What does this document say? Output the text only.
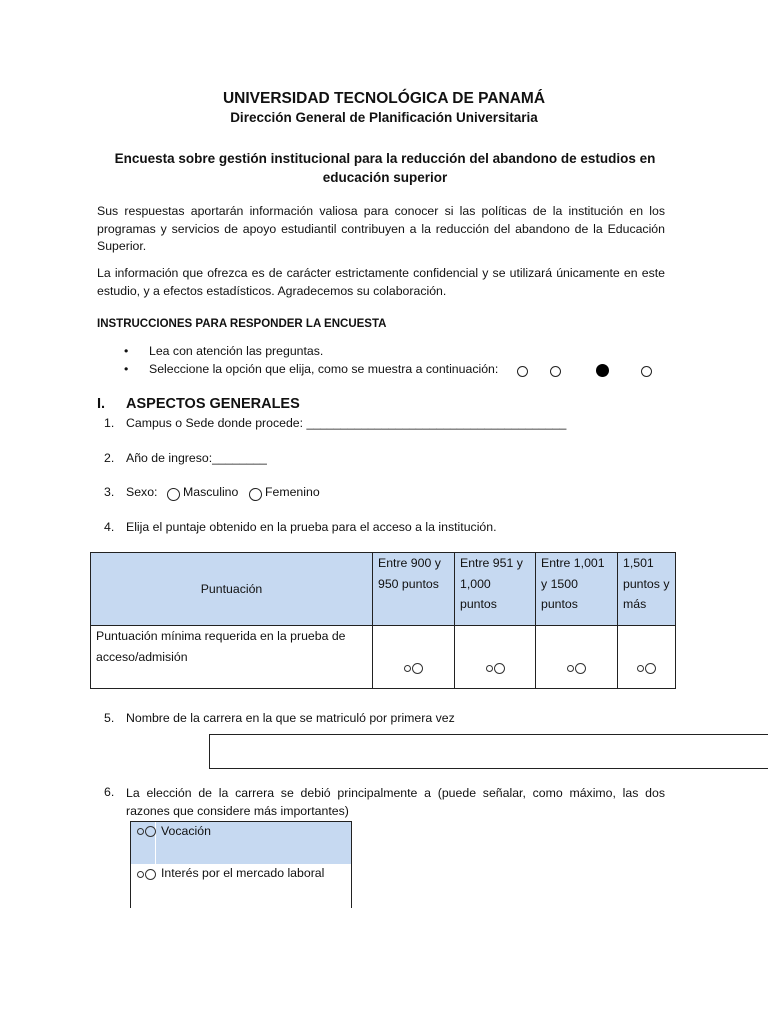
UNIVERSIDAD TECNOLÓGICA DE PANAMÁ
Dirección General de Planificación Universitaria
Encuesta sobre gestión institucional para la reducción del abandono de estudios en
educación superior
Sus respuestas aportarán información valiosa para conocer si las políticas de la institución en los programas y servicios de apoyo estudiantil contribuyen a la reducción del abandono de la Educación Superior.
La información que ofrezca es de carácter estrictamente confidencial y se utilizará únicamente en este estudio, y a efectos estadísticos. Agradecemos su colaboración.
INSTRUCCIONES PARA RESPONDER LA ENCUESTA
• Lea con atención las preguntas.
• Seleccione la opción que elija, como se muestra a continuación:
I. ASPECTOS GENERALES
1. Campus o Sede donde procede: ______________________________________
2. Año de ingreso:________
3. Sexo: Masculino Femenino
4. Elija el puntaje obtenido en la prueba para el acceso a la institución.
Puntuación	Entre 900 y 950 puntos	Entre 951 y 1,000 puntos	Entre 1,001 y 1500 puntos	1,501 puntos y más
Puntuación mínima requerida en la prueba de acceso/admisión				
5. Nombre de la carrera en la que se matriculó por primera vez
6. La elección de la carrera se debió principalmente a (puede señalar, como máximo, las dos razones que considere más importantes)
Vocación
Interés por el mercado laboral
